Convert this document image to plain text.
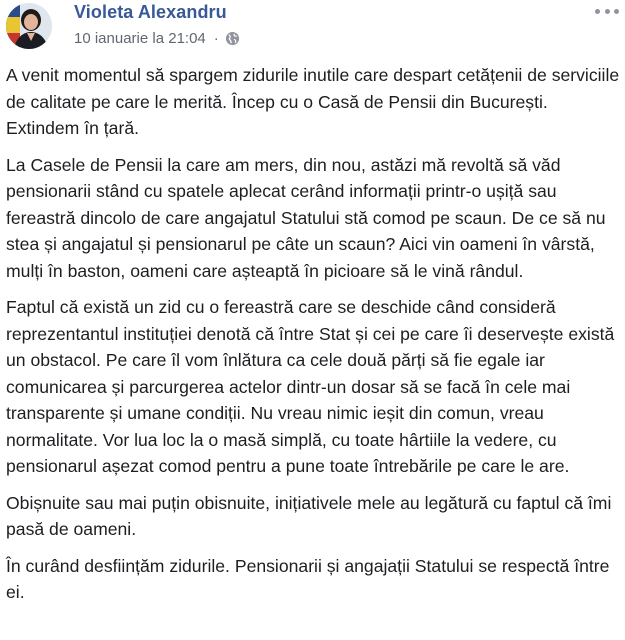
Violeta Alexandru
10 ianuarie la 21:04 ·

A venit momentul să spargem zidurile inutile care despart cetățenii de serviciile de calitate pe care le merită. Încep cu o Casă de Pensii din București. Extindem în țară.

La Casele de Pensii la care am mers, din nou, astăzi mă revoltă să văd pensionarii stând cu spatele aplecat cerând informații printr-o ușiță sau fereastră dincolo de care angajatul Statului stă comod pe scaun. De ce să nu stea și angajatul și pensionarul pe câte un scaun? Aici vin oameni în vârstă, mulți în baston, oameni care așteaptă în picioare să le vină rândul.

Faptul că există un zid cu o fereastră care se deschide când consideră reprezentantul instituției denotă că între Stat și cei pe care îi deservește există un obstacol. Pe care îl vom înlătura ca cele două părți să fie egale iar comunicarea și parcurgerea actelor dintr-un dosar să se facă în cele mai transparente și umane condiții. Nu vreau nimic ieșit din comun, vreau normalitate. Vor lua loc la o masă simplă, cu toate hârtiile la vedere, cu pensionarul așezat comod pentru a pune toate întrebările pe care le are.

Obișnuite sau mai puțin obisnuite, inițiativele mele au legătură cu faptul că îmi pasă de oameni.

În curând desființăm zidurile. Pensionarii și angajații Statului se respectă între ei.
